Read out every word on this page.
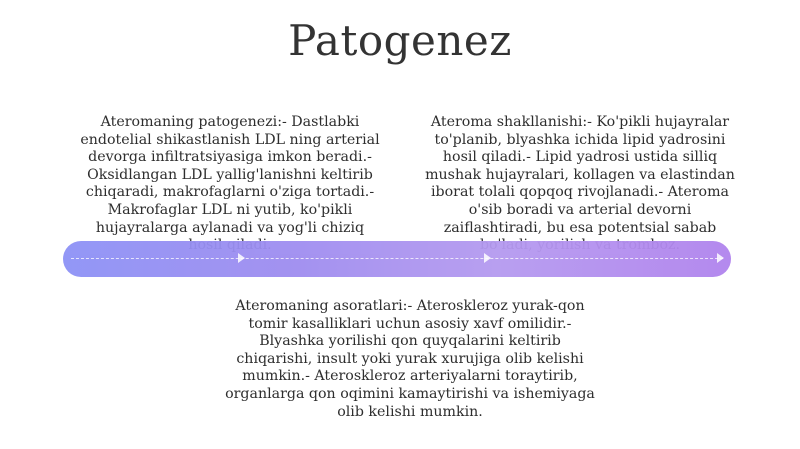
Patogenez
Ateromaning patogenezi:- Dastlabki endotelial shikastlanish LDL ning arterial devorga infiltratsiyasiga imkon beradi.- Oksidlangan LDL yallig'lanishni keltirib chiqaradi, makrofaglarni o'ziga tortadi.- Makrofaglar LDL ni yutib, ko'pikli hujayralarga aylanadi va yog'li chiziq
Ateroma shakllanishi:- Ko'pikli hujayralar to'planib, blyashka ichida lipid yadrosini hosil qiladi.- Lipid yadrosi ustida silliq mushak hujayralari, kollagen va elastindan iborat tolali qopqoq rivojlanadi.- Ateroma o'sib boradi va arterial devorni zaiflashtiradi, bu esa potentsial sabab
Ateromaning asoratlari:- Ateroskleroz yurak-qon tomir kasalliklari uchun asosiy xavf omilidir.- Blyashka yorilishi qon quyqalarini keltirib chiqarishi, insult yoki yurak xurujiga olib kelishi mumkin.- Ateroskleroz arteriyalarni toraytirib, organlarga qon oqimini kamaytirishi va ishemiyaga olib kelishi mumkin.
